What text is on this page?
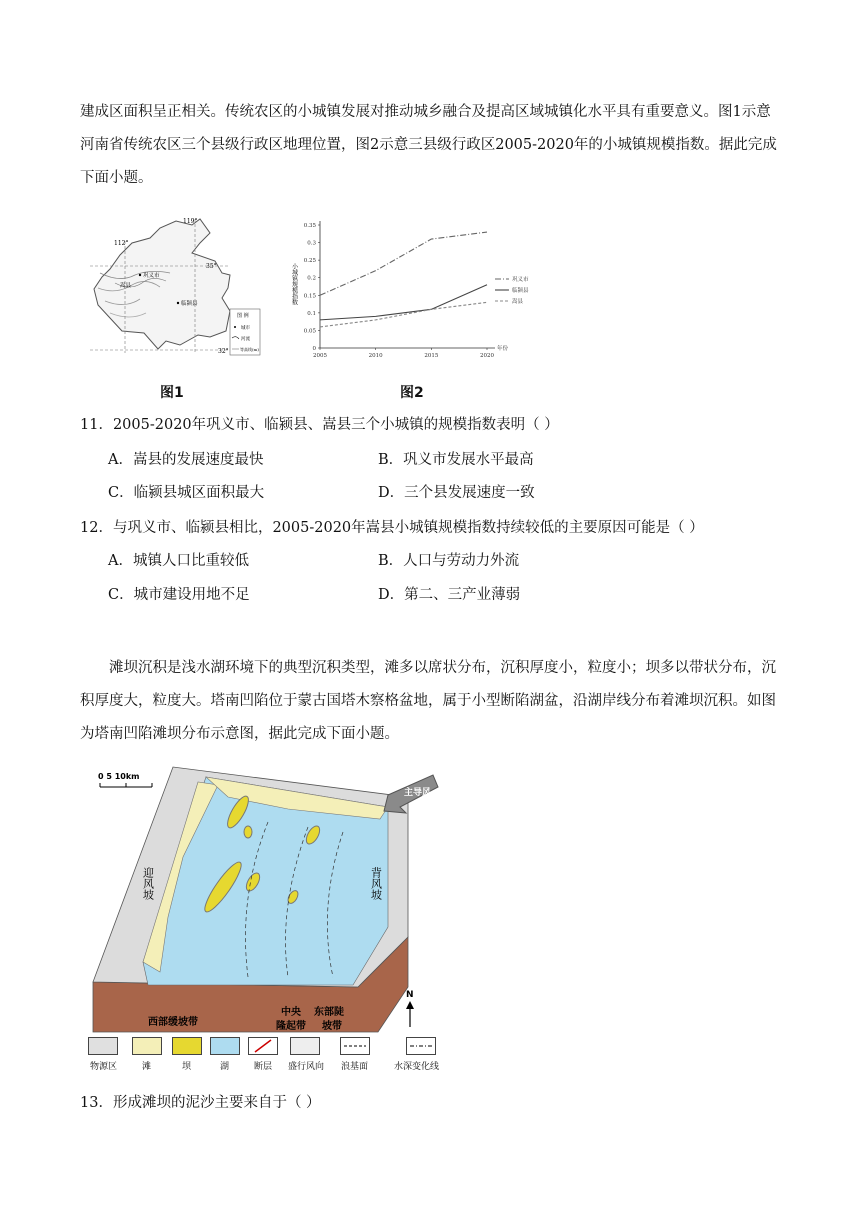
建成区面积呈正相关。传统农区的小城镇发展对推动城乡融合及提高区域城镇化水平具有重要意义。图1示意河南省传统农区三个县级行政区地理位置，图2示意三县级行政区2005-2020年的小城镇规模指数。据此完成下面小题。

112°
119°
35°
32°
巩义市
嵩县
临颍县
图 例
城市
河流
等高线(m)
图1
0
0.05
0.1
0.15
0.2
0.25
0.3
0.35
2005	2010	2015	2020
年份
巩义市
临颍县
嵩县
小城镇规模指数
图2
11．2005-2020年巩义市、临颍县、嵩县三个小城镇的规模指数表明（ ）
A．嵩县的发展速度最快	B．巩义市发展水平最高
C．临颍县城区面积最大	D．三个县发展速度一致
12．与巩义市、临颍县相比，2005-2020年嵩县小城镇规模指数持续较低的主要原因可能是（ ）
A．城镇人口比重较低	B．人口与劳动力外流
C．城市建设用地不足	D．第二、三产业薄弱

滩坝沉积是浅水湖环境下的典型沉积类型，滩多以席状分布，沉积厚度小，粒度小；坝多以带状分布，沉积厚度大，粒度大。塔南凹陷位于蒙古国塔木察格盆地，属于小型断陷湖盆，沿湖岸线分布着滩坝沉积。如图为塔南凹陷滩坝分布示意图，据此完成下面小题。

0 5 10km
主导风
迎风坡	背风坡
西部缓坡带
中央
隆起带
东部陡
坡带
N
物源区	滩	坝	湖	断层 盛行风向 浪基面	水深变化线
13．形成滩坝的泥沙主要来自于（ ）
